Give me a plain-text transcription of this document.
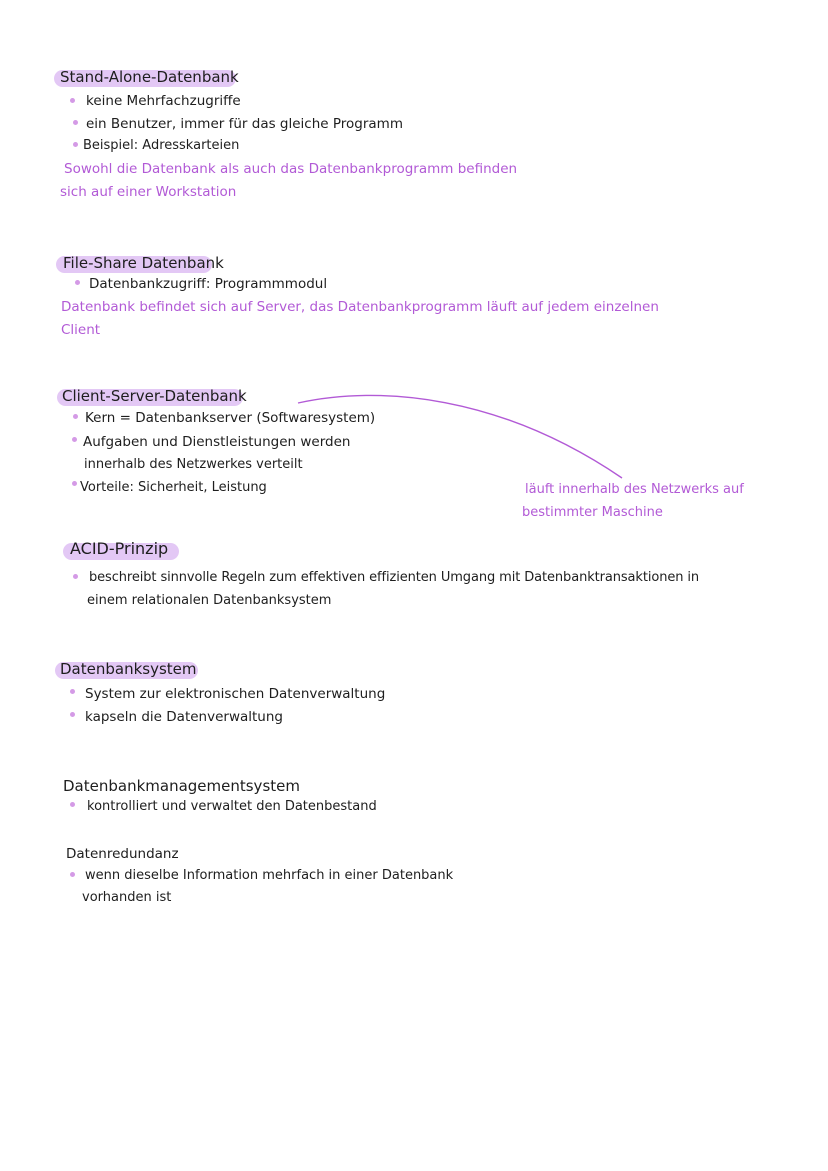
Stand-Alone-Datenbank
keine Mehrfachzugriffe
ein Benutzer, immer für das gleiche Programm
Beispiel: Adresskarteien
Sowohl die Datenbank als auch das Datenbankprogramm befinden
sich auf einer Workstation
File-Share Datenbank
Datenbankzugriff: Programmmodul
Datenbank befindet sich auf Server, das Datenbankprogramm läuft auf jedem einzelnen
Client
Client-Server-Datenbank
Kern = Datenbankserver (Softwaresystem)
Aufgaben und Dienstleistungen werden
innerhalb des Netzwerkes verteilt
Vorteile: Sicherheit, Leistung	läuft innerhalb des Netzwerks auf
bestimmter Maschine
ACID-Prinzip
beschreibt sinnvolle Regeln zum effektiven effizienten Umgang mit Datenbanktransaktionen in
einem relationalen Datenbanksystem
Datenbanksystem
System zur elektronischen Datenverwaltung
kapseln die Datenverwaltung
Datenbankmanagementsystem
kontrolliert und verwaltet den Datenbestand
Datenredundanz
wenn dieselbe Information mehrfach in einer Datenbank
vorhanden ist
